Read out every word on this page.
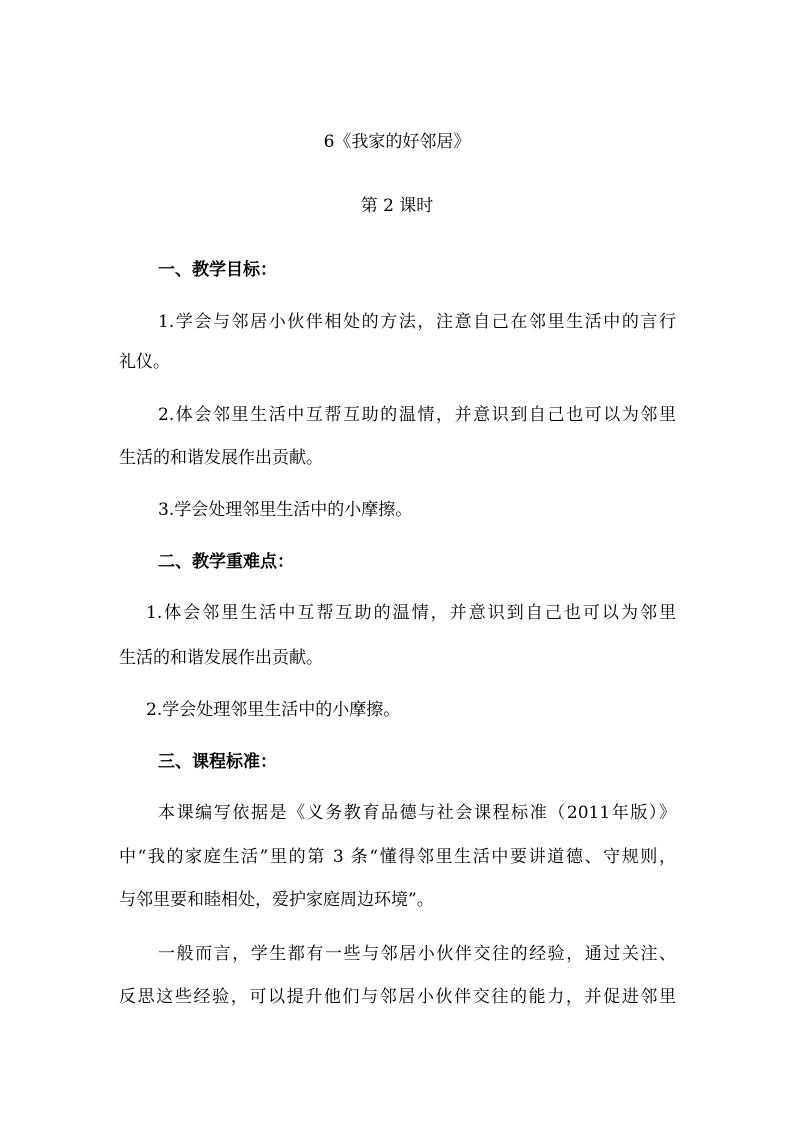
6《我家的好邻居》
第 2 课时
一、教学目标：
1.学会与邻居小伙伴相处的方法，注意自己在邻里生活中的言行
礼仪。
2.体会邻里生活中互帮互助的温情，并意识到自己也可以为邻里
生活的和谐发展作出贡献。
3.学会处理邻里生活中的小摩擦。
二、教学重难点：
1.体会邻里生活中互帮互助的温情，并意识到自己也可以为邻里
生活的和谐发展作出贡献。
2.学会处理邻里生活中的小摩擦。
三、课程标准：
本课编写依据是《义务教育品德与社会课程标准（2011年版）》
中“我的家庭生活”里的第 3 条“懂得邻里生活中要讲道德、守规则，
与邻里要和睦相处，爱护家庭周边环境”。
一般而言，学生都有一些与邻居小伙伴交往的经验，通过关注、
反思这些经验，可以提升他们与邻居小伙伴交往的能力，并促进邻里
